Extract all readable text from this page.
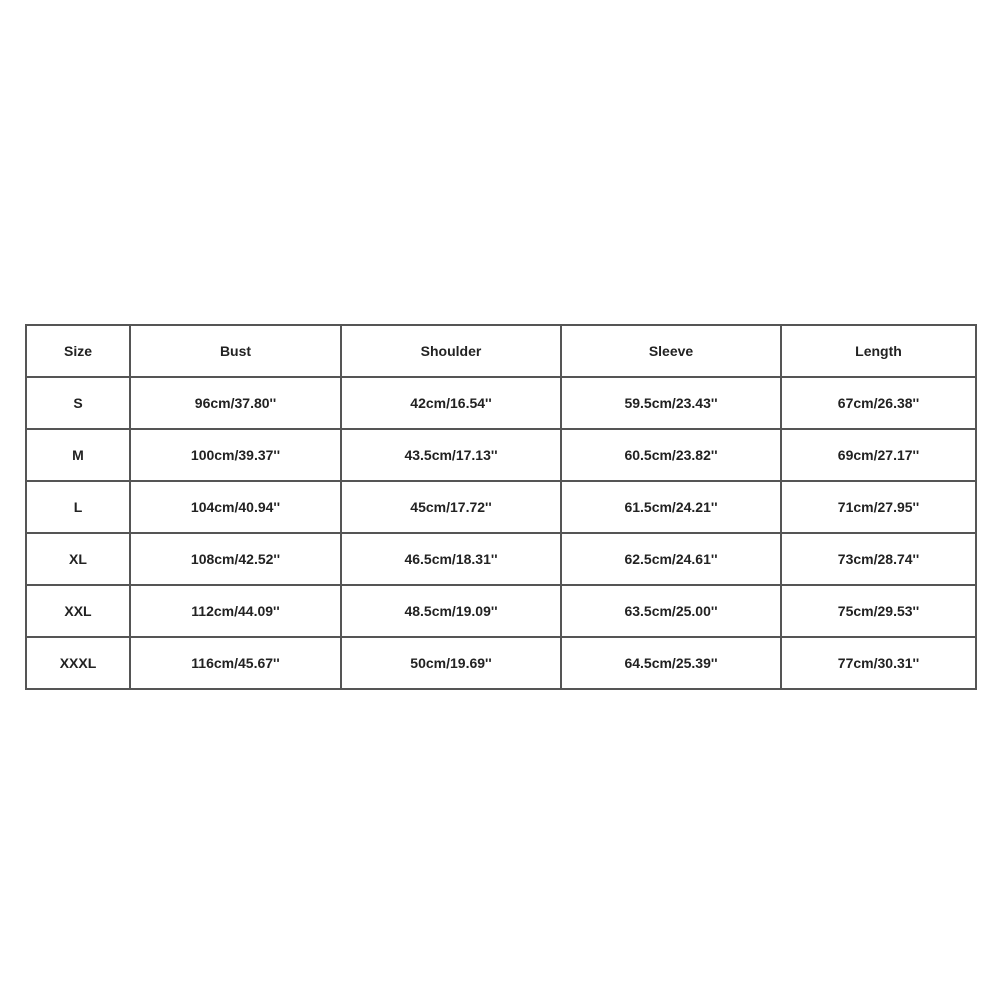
Size	Bust	Shoulder	Sleeve	Length
S	96cm/37.80''	42cm/16.54''	59.5cm/23.43''	67cm/26.38''
M	100cm/39.37''	43.5cm/17.13''	60.5cm/23.82''	69cm/27.17''
L	104cm/40.94''	45cm/17.72''	61.5cm/24.21''	71cm/27.95''
XL	108cm/42.52''	46.5cm/18.31''	62.5cm/24.61''	73cm/28.74''
XXL	112cm/44.09''	48.5cm/19.09''	63.5cm/25.00''	75cm/29.53''
XXXL	116cm/45.67''	50cm/19.69''	64.5cm/25.39''	77cm/30.31''
